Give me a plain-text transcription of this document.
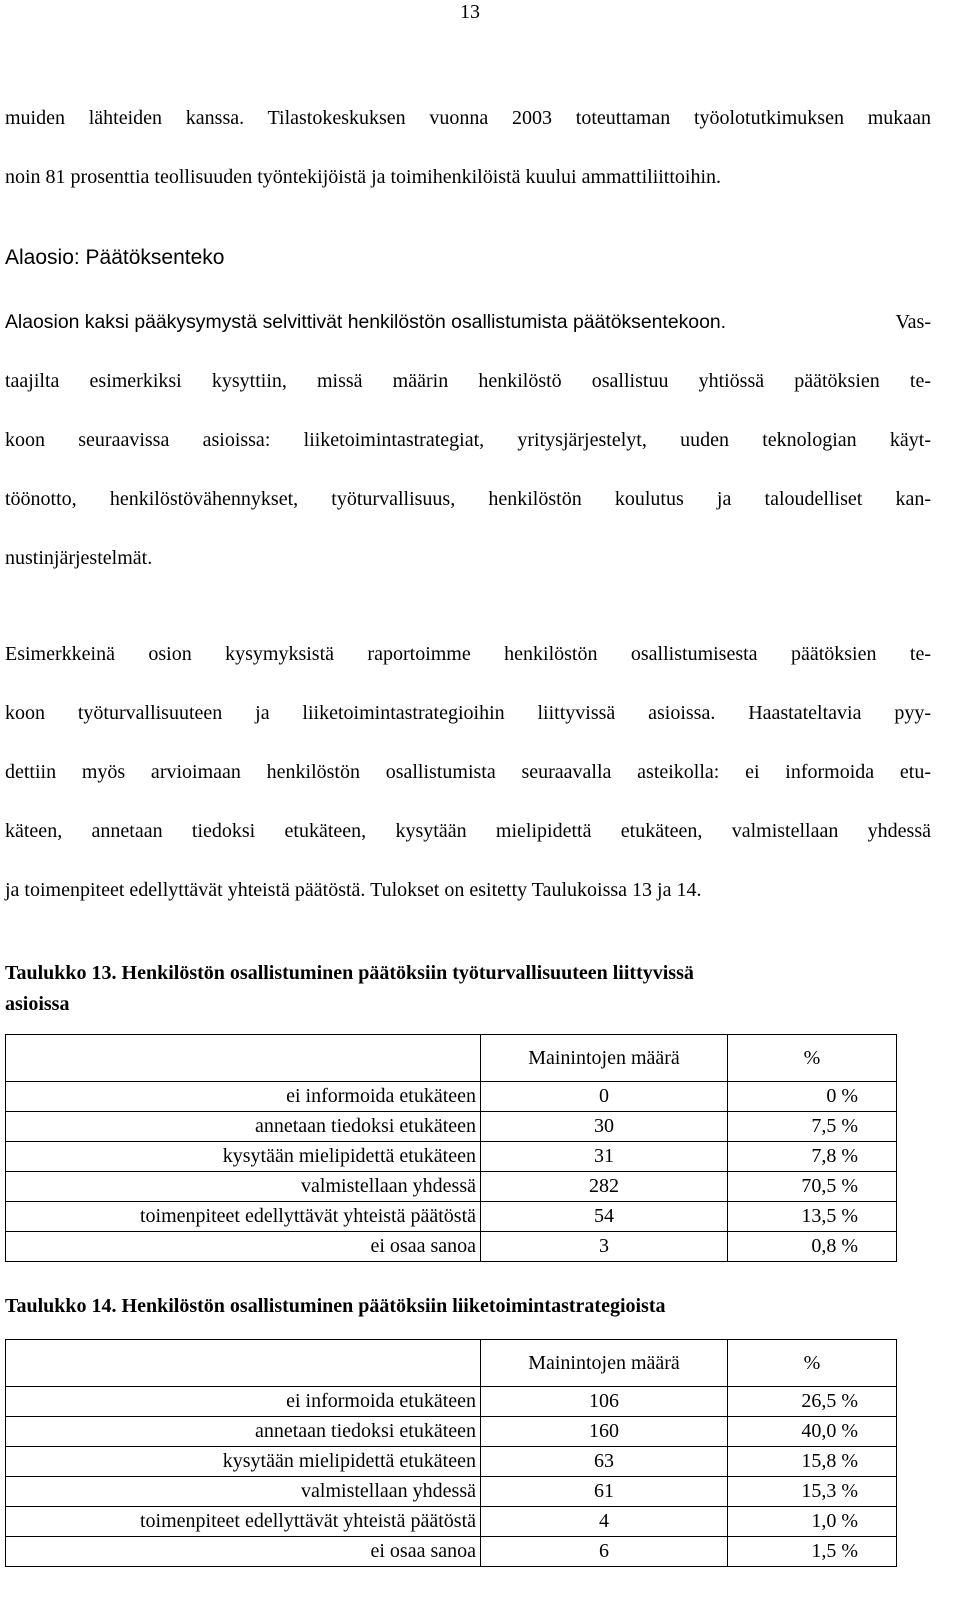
13
muiden lähteiden kanssa. Tilastokeskuksen vuonna 2003 toteuttaman työolotutkimuksen mukaan
noin 81 prosenttia teollisuuden työntekijöistä ja toimihenkilöistä kuului ammattiliittoihin.
Alaosio: Päätöksenteko
Alaosion kaksi pääkysymystä selvittivät henkilöstön osallistumista päätöksentekoon.	Vas-
taajilta esimerkiksi kysyttiin, missä määrin henkilöstö osallistuu yhtiössä päätöksien te-
koon seuraavissa asioissa: liiketoimintastrategiat, yritysjärjestelyt, uuden teknologian käyt-
töönotto, henkilöstövähennykset, työturvallisuus, henkilöstön koulutus ja taloudelliset kan-
nustinjärjestelmät.
Esimerkkeinä osion kysymyksistä raportoimme henkilöstön osallistumisesta päätöksien te-
koon työturvallisuuteen ja liiketoimintastrategioihin liittyvissä asioissa. Haastateltavia pyy-
dettiin myös arvioimaan henkilöstön osallistumista seuraavalla asteikolla: ei informoida etu-
käteen, annetaan tiedoksi etukäteen, kysytään mielipidettä etukäteen, valmistellaan yhdessä
ja toimenpiteet edellyttävät yhteistä päätöstä. Tulokset on esitetty Taulukoissa 13 ja 14.
Taulukko 13. Henkilöstön osallistuminen päätöksiin työturvallisuuteen liittyvissä
asioissa
	Mainintojen määrä	%
ei informoida etukäteen	0	0 %
annetaan tiedoksi etukäteen	30	7,5 %
kysytään mielipidettä etukäteen	31	7,8 %
valmistellaan yhdessä	282	70,5 %
toimenpiteet edellyttävät yhteistä päätöstä	54	13,5 %
ei osaa sanoa	3	0,8 %
Taulukko 14. Henkilöstön osallistuminen päätöksiin liiketoimintastrategioista
	Mainintojen määrä	%
ei informoida etukäteen	106	26,5 %
annetaan tiedoksi etukäteen	160	40,0 %
kysytään mielipidettä etukäteen	63	15,8 %
valmistellaan yhdessä	61	15,3 %
toimenpiteet edellyttävät yhteistä päätöstä	4	1,0 %
ei osaa sanoa	6	1,5 %
